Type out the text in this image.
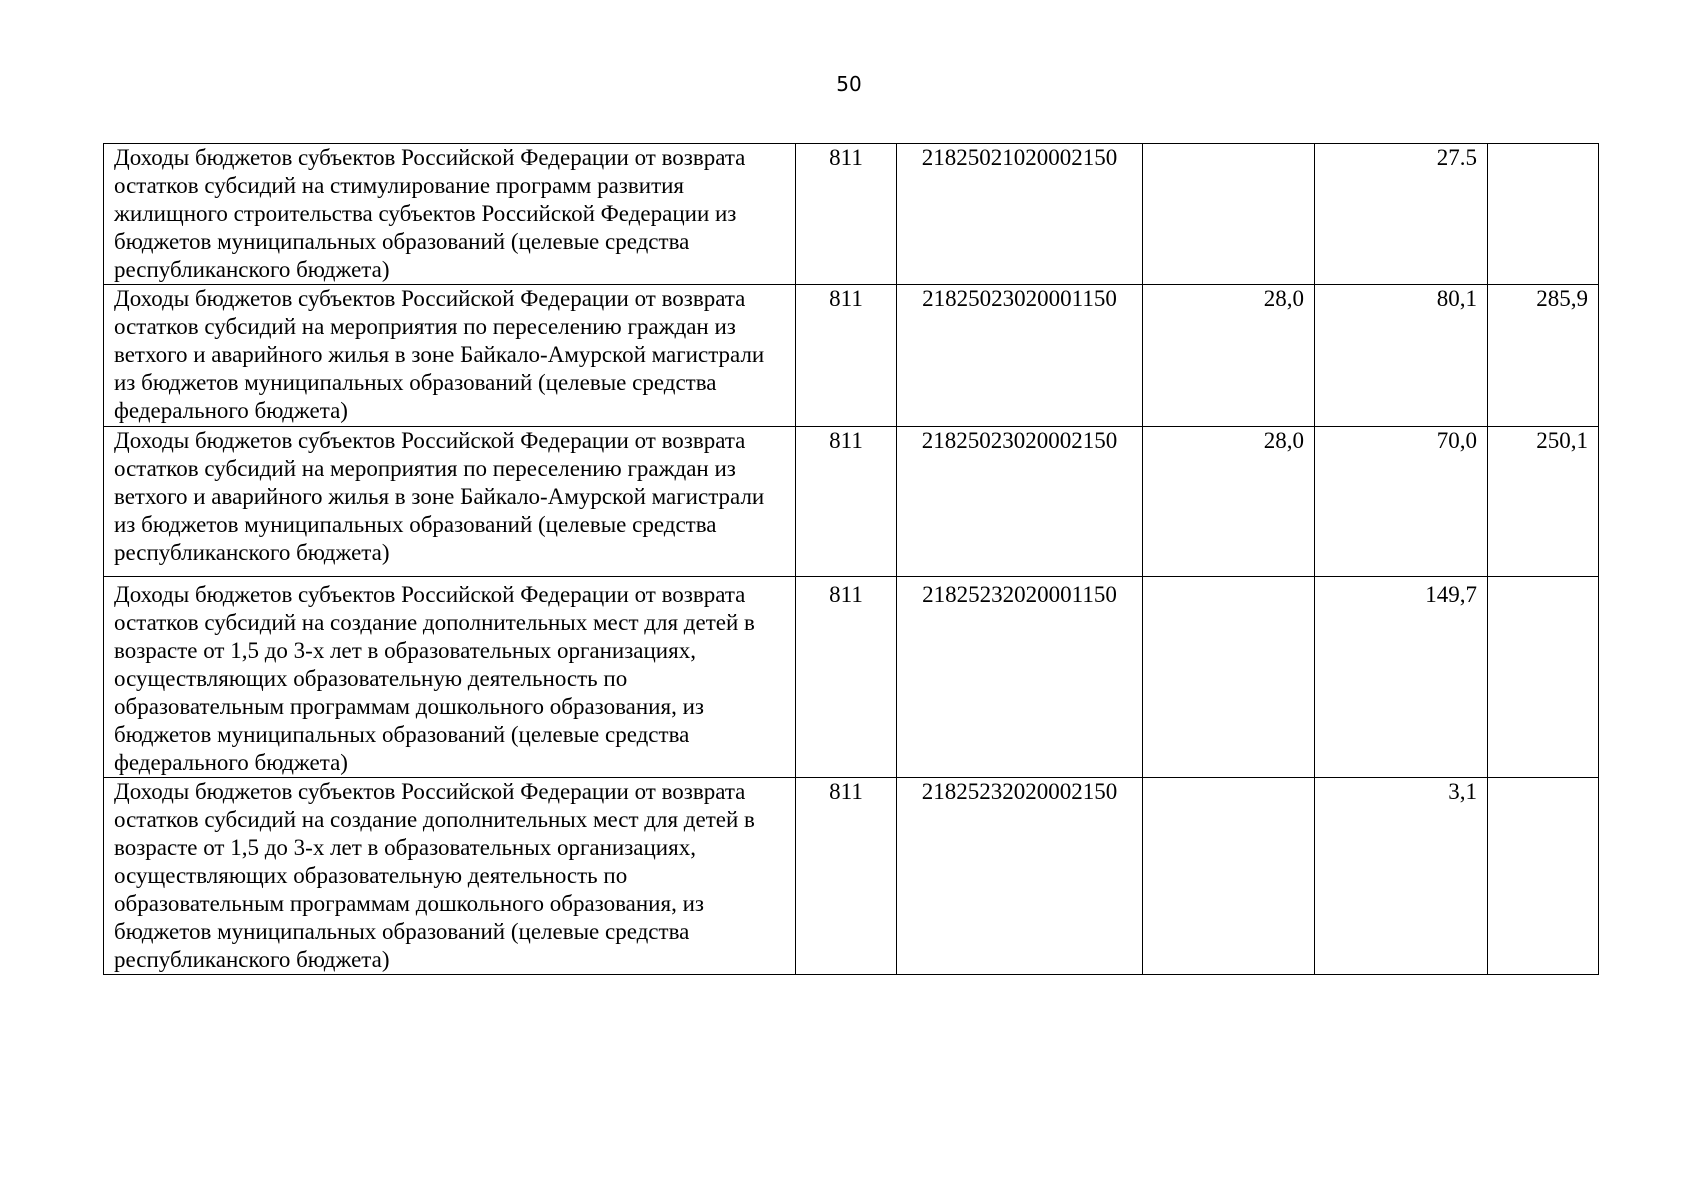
50
Доходы бюджетов субъектов Российской Федерации от возврата остатков субсидий на стимулирование программ развития жилищного строительства субъектов Российской Федерации из бюджетов муниципальных образований (целевые средства республиканского бюджета)	811	21825021020002150		27.5	
Доходы бюджетов субъектов Российской Федерации от возврата остатков субсидий на мероприятия по переселению граждан из ветхого и аварийного жилья в зоне Байкало-Амурской магистрали из бюджетов муниципальных образований (целевые средства федерального бюджета)	811	21825023020001150	28,0	80,1	285,9
Доходы бюджетов субъектов Российской Федерации от возврата остатков субсидий на мероприятия по переселению граждан из ветхого и аварийного жилья в зоне Байкало-Амурской магистрали из бюджетов муниципальных образований (целевые средства республиканского бюджета)	811	21825023020002150	28,0	70,0	250,1
Доходы бюджетов субъектов Российской Федерации от возврата остатков субсидий на создание дополнительных мест для детей в возрасте от 1,5 до 3-х лет в образовательных организациях, осуществляющих образовательную деятельность по образовательным программам дошкольного образования, из бюджетов муниципальных образований (целевые средства федерального бюджета)	811	21825232020001150		149,7	
Доходы бюджетов субъектов Российской Федерации от возврата остатков субсидий на создание дополнительных мест для детей в возрасте от 1,5 до 3-х лет в образовательных организациях, осуществляющих образовательную деятельность по образовательным программам дошкольного образования, из бюджетов муниципальных образований (целевые средства республиканского бюджета)	811	21825232020002150		3,1	
